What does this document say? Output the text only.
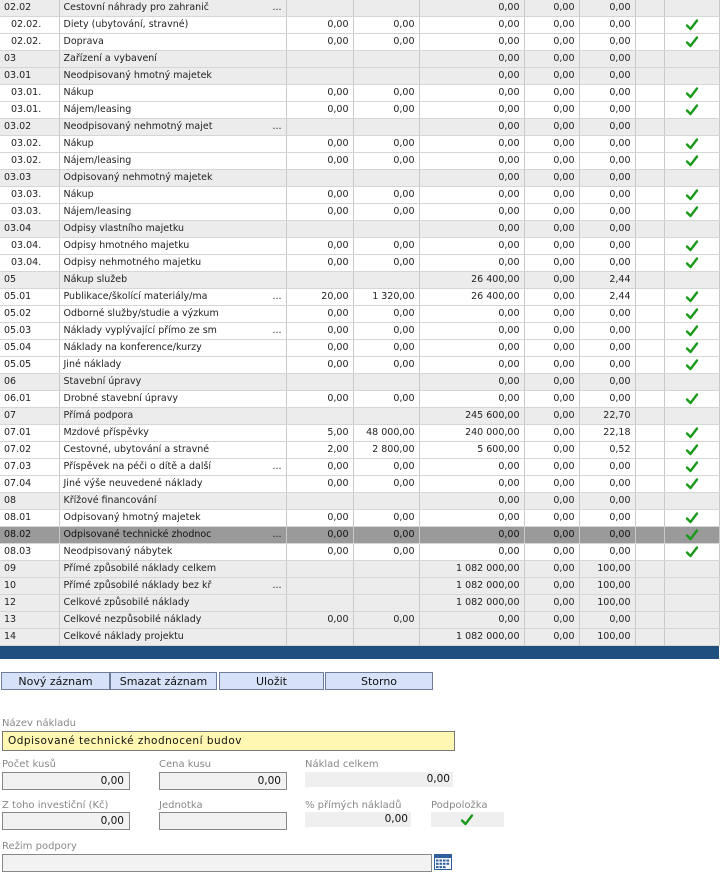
02.02	Cestovní náhrady pro zahranič ...			0,00	0,00	0,00		
02.02.	Diety (ubytování, stravné)	0,00	0,00	0,00	0,00	0,00		
02.02.	Doprava	0,00	0,00	0,00	0,00	0,00		
03	Zařízení a vybavení			0,00	0,00	0,00		
03.01	Neodpisovaný hmotný majetek			0,00	0,00	0,00		
03.01.	Nákup	0,00	0,00	0,00	0,00	0,00		
03.01.	Nájem/leasing	0,00	0,00	0,00	0,00	0,00		
03.02	Neodpisovaný nehmotný majet ...			0,00	0,00	0,00		
03.02.	Nákup	0,00	0,00	0,00	0,00	0,00		
03.02.	Nájem/leasing	0,00	0,00	0,00	0,00	0,00		
03.03	Odpisovaný nehmotný majetek			0,00	0,00	0,00		
03.03.	Nákup	0,00	0,00	0,00	0,00	0,00		
03.03.	Nájem/leasing	0,00	0,00	0,00	0,00	0,00		
03.04	Odpisy vlastního majetku			0,00	0,00	0,00		
03.04.	Odpisy hmotného majetku	0,00	0,00	0,00	0,00	0,00		
03.04.	Odpisy nehmotného majetku	0,00	0,00	0,00	0,00	0,00		
05	Nákup služeb			26 400,00	0,00	2,44		
05.01	Publikace/školící materiály/ma ...	20,00	1 320,00	26 400,00	0,00	2,44		
05.02	Odborné služby/studie a výzkum	0,00	0,00	0,00	0,00	0,00		
05.03	Náklady vyplývající přímo ze sm ...	0,00	0,00	0,00	0,00	0,00		
05.04	Náklady na konference/kurzy	0,00	0,00	0,00	0,00	0,00		
05.05	Jiné náklady	0,00	0,00	0,00	0,00	0,00		
06	Stavební úpravy			0,00	0,00	0,00		
06.01	Drobné stavební úpravy	0,00	0,00	0,00	0,00	0,00		
07	Přímá podpora			245 600,00	0,00	22,70		
07.01	Mzdové příspěvky	5,00	48 000,00	240 000,00	0,00	22,18		
07.02	Cestovné, ubytování a stravné	2,00	2 800,00	5 600,00	0,00	0,52		
07.03	Příspěvek na péči o dítě a další ...	0,00	0,00	0,00	0,00	0,00		
07.04	Jiné výše neuvedené náklady	0,00	0,00	0,00	0,00	0,00		
08	Křížové financování			0,00	0,00	0,00		
08.01	Odpisovaný hmotný majetek	0,00	0,00	0,00	0,00	0,00		
08.02	Odpisované technické zhodnoc ...	0,00	0,00	0,00	0,00	0,00		
08.03	Neodpisovaný nábytek	0,00	0,00	0,00	0,00	0,00		
09	Přímé způsobilé náklady celkem			1 082 000,00	0,00	100,00		
10	Přímé způsobilé náklady bez kř ...			1 082 000,00	0,00	100,00		
12	Celkové způsobilé náklady			1 082 000,00	0,00	100,00		
13	Celkové nezpůsobilé náklady	0,00	0,00	0,00	0,00	0,00		
14	Celkové náklady projektu			1 082 000,00	0,00	100,00		
Nový záznam	Smazat záznam	Uložit	Storno
Název nákladu
Odpisované technické zhodnocení budov
Počet kusů
0,00
Cena kusu
0,00
Náklad celkem
0,00
Z toho investiční (Kč)
0,00
Jednotka	% přímých nákladů
0,00
Podpoložka
Režim podpory
